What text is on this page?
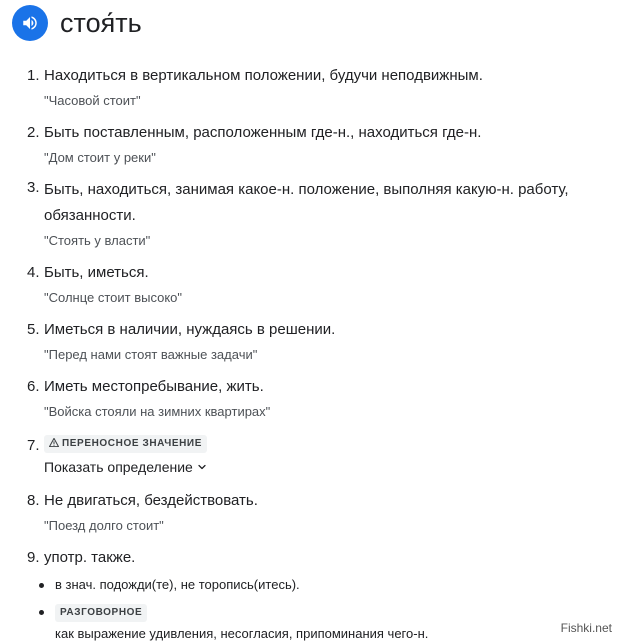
стоя́ть
1. Находиться в вертикальном положении, будучи неподвижным.
"Часовой стоит"
2. Быть поставленным, расположенным где-н., находиться где-н.
"Дом стоит у реки"
3. Быть, находиться, занимая какое-н. положение, выполняя какую-н. работу, обязанности.
"Стоять у власти"
4. Быть, иметься.
"Солнце стоит высоко"
5. Иметься в наличии, нуждаясь в решении.
"Перед нами стоят важные задачи"
6. Иметь местопребывание, жить.
"Войска стояли на зимних квартирах"
7.	ПЕРЕНОСНОЕ ЗНАЧЕНИЕ
Показать определение
8. Не двигаться, бездействовать.
"Поезд долго стоит"
9. употр. также.
в знач. подожди(те), не торопись(итесь).
РАЗГОВОРНОЕ
как выражение удивления, несогласия, припоминания чего-н.	Fishki.net
